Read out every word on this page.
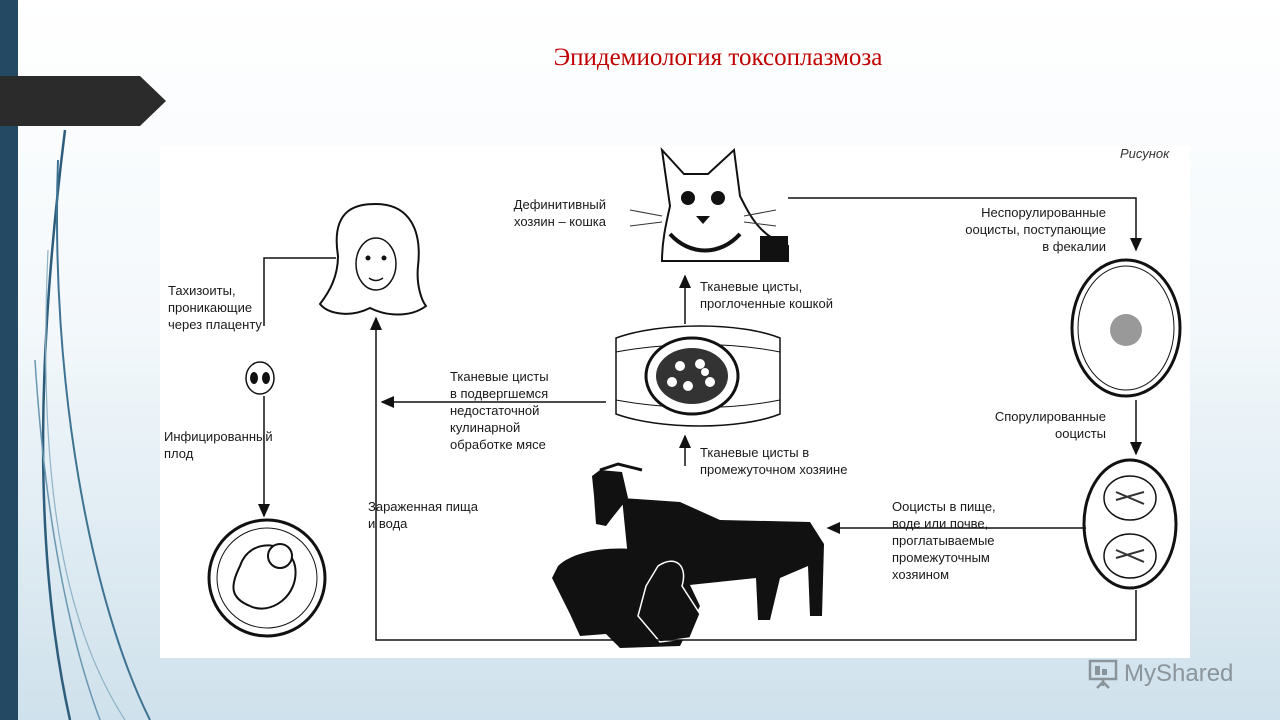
Эпидемиология токсоплазмоза
Рисунок
Дефинитивный
хозяин – кошка
Неспорулированные
ооцисты, поступающие
в фекалии
Тахизоиты,
проникающие
через плаценту
Тканевые цисты,
проглоченные кошкой
Тканевые цисты
в подвергшемся
недостаточной
кулинарной
обработке мясе
Инфицированный
плод
Спорулированные
ооцисты
Тканевые цисты в
промежуточном хозяине
Зараженная пища
и вода
Ооцисты в пище,
воде или почве,
проглатываемые
промежуточным
хозяином
MyShared
